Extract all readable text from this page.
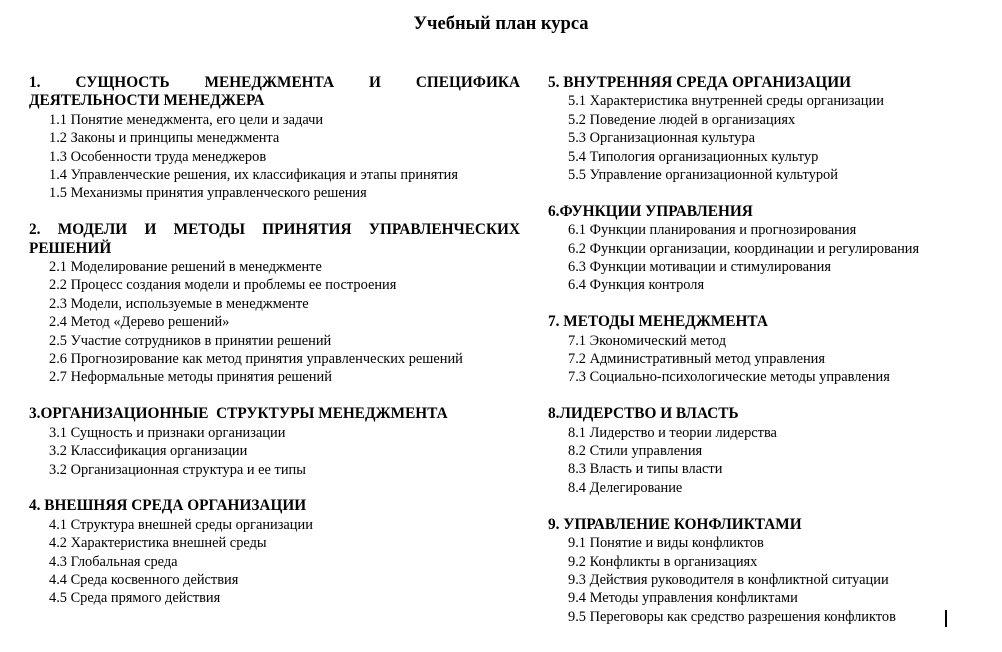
Учебный план курса
1. СУЩНОСТЬ МЕНЕДЖМЕНТА И СПЕЦИФИКА
ДЕЯТЕЛЬНОСТИ МЕНЕДЖЕРА
1.1 Понятие менеджмента, его цели и задачи
1.2 Законы и принципы менеджмента
1.3 Особенности труда менеджеров
1.4 Управленческие решения, их классификация и этапы принятия
1.5 Механизмы принятия управленческого решения
2. МОДЕЛИ И МЕТОДЫ ПРИНЯТИЯ УПРАВЛЕНЧЕСКИХ
РЕШЕНИЙ
2.1 Моделирование решений в менеджменте
2.2 Процесс создания модели и проблемы ее построения
2.3 Модели, используемые в менеджменте
2.4 Метод «Дерево решений»
2.5 Участие сотрудников в принятии решений
2.6 Прогнозирование как метод принятия управленческих решений
2.7 Неформальные методы принятия решений
3.ОРГАНИЗАЦИОННЫЕ  СТРУКТУРЫ МЕНЕДЖМЕНТА
3.1 Сущность и признаки организации
3.2 Классификация организации
3.2 Организационная структура и ее типы
4. ВНЕШНЯЯ СРЕДА ОРГАНИЗАЦИИ
4.1 Структура внешней среды организации
4.2 Характеристика внешней среды
4.3 Глобальная среда
4.4 Среда косвенного действия
4.5 Среда прямого действия
5. ВНУТРЕННЯЯ СРЕДА ОРГАНИЗАЦИИ
5.1 Характеристика внутренней среды организации
5.2 Поведение людей в организациях
5.3 Организационная культура
5.4 Типология организационных культур
5.5 Управление организационной культурой
6.ФУНКЦИИ УПРАВЛЕНИЯ
6.1 Функции планирования и прогнозирования
6.2 Функции организации, координации и регулирования
6.3 Функции мотивации и стимулирования
6.4 Функция контроля
7. МЕТОДЫ МЕНЕДЖМЕНТА
7.1 Экономический метод
7.2 Административный метод управления
7.3 Социально-психологические методы управления
8.ЛИДЕРСТВО И ВЛАСТЬ
8.1 Лидерство и теории лидерства
8.2 Стили управления
8.3 Власть и типы власти
8.4 Делегирование
9. УПРАВЛЕНИЕ КОНФЛИКТАМИ
9.1 Понятие и виды конфликтов
9.2 Конфликты в организациях
9.3 Действия руководителя в конфликтной ситуации
9.4 Методы управления конфликтами
9.5 Переговоры как средство разрешения конфликтов
